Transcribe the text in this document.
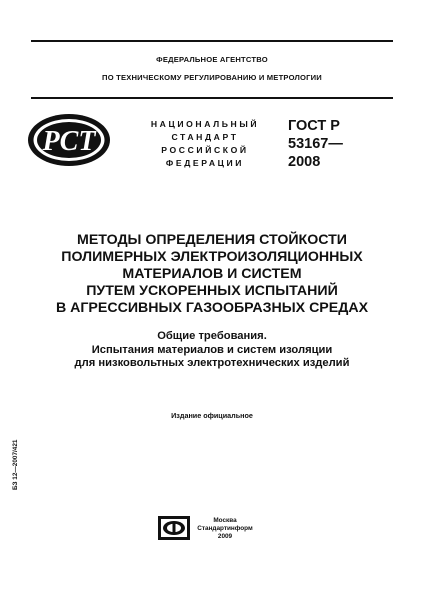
ФЕДЕРАЛЬНОЕ АГЕНТСТВО
ПО ТЕХНИЧЕСКОМУ РЕГУЛИРОВАНИЮ И МЕТРОЛОГИИ
РСТ
НАЦИОНАЛЬНЫЙ
СТАНДАРТ
РОССИЙСКОЙ
ФЕДЕРАЦИИ
ГОСТ Р
53167—
2008
МЕТОДЫ ОПРЕДЕЛЕНИЯ СТОЙКОСТИ
ПОЛИМЕРНЫХ ЭЛЕКТРОИЗОЛЯЦИОННЫХ
МАТЕРИАЛОВ И СИСТЕМ
ПУТЕМ УСКОРЕННЫХ ИСПЫТАНИЙ
В АГРЕССИВНЫХ ГАЗООБРАЗНЫХ СРЕДАХ
Общие требования.
Испытания материалов и систем изоляции
для низковольтных электротехнических изделий
Издание официальное
БЗ 12—2007/421
Москва
Стандартинформ
2009
